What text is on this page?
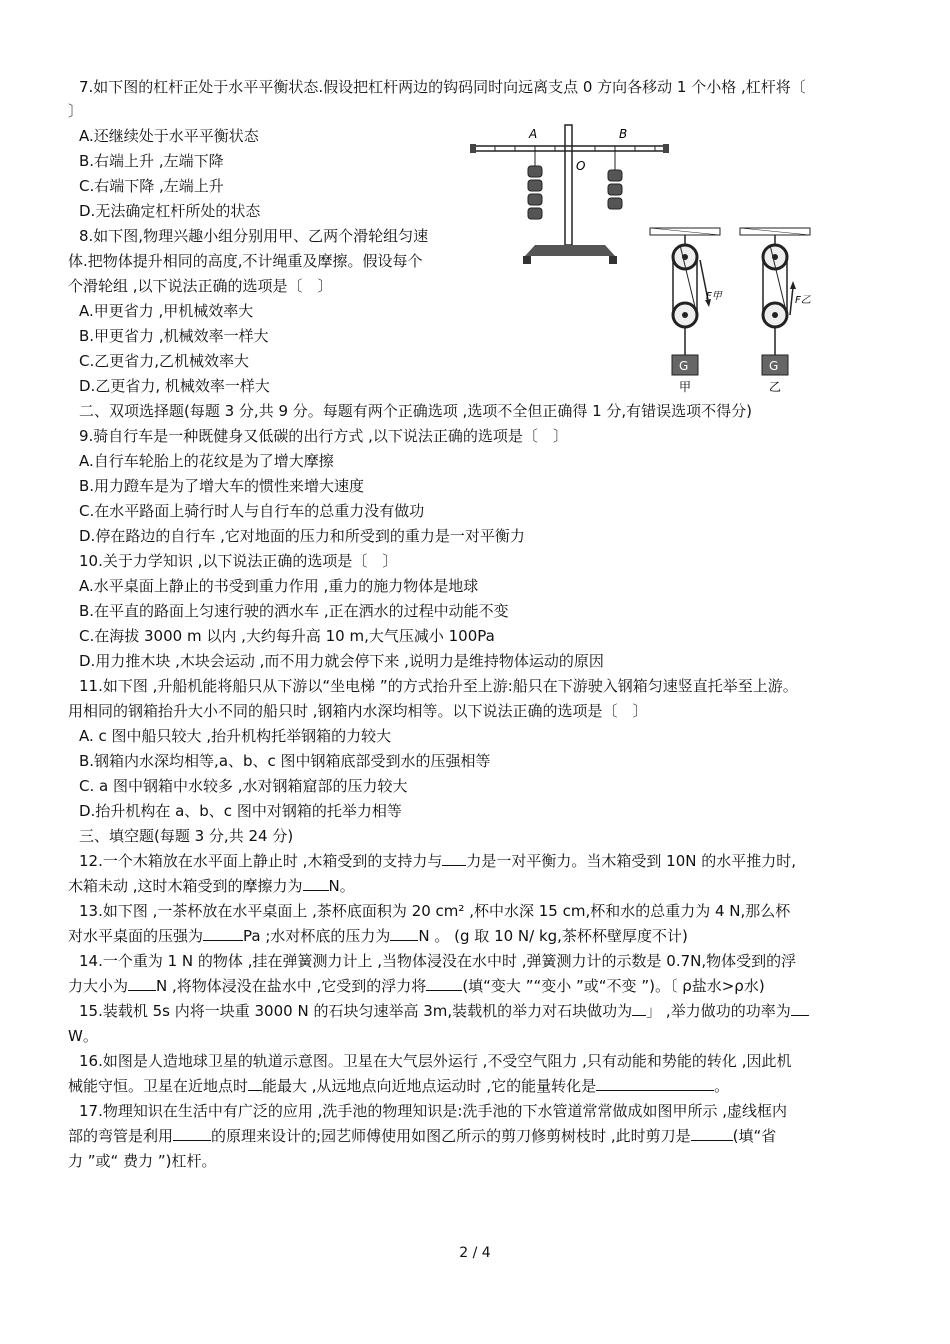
7.如下图的杠杆正处于水平平衡状态.假设把杠杆两边的钩码同时向远离支点 0 方向各移动 1 个小格 ,杠杆将〔
〕
A.还继续处于水平平衡状态
B.右端上升 ,左端下降
C.右端下降 ,左端上升
D.无法确定杠杆所处的状态
8.如下图,物理兴趣小组分别用甲、乙两个滑轮组匀速
体.把物体提升相同的高度,不计绳重及摩擦。假设每个
个滑轮组 ,以下说法正确的选项是〔　〕
A.甲更省力 ,甲机械效率大
B.甲更省力 ,机械效率一样大
C.乙更省力,乙机械效率大
D.乙更省力, 机械效率一样大
A	B
O
G	G
F甲	F乙
甲	乙
二、双项选择题(每题 3 分,共 9 分。每题有两个正确选项 ,选项不全但正确得 1 分,有错误选项不得分)
9.骑自行车是一种既健身又低碳的出行方式 ,以下说法正确的选项是〔　〕
A.自行车轮胎上的花纹是为了增大摩擦
B.用力蹬车是为了增大车的惯性来增大速度
C.在水平路面上骑行时人与自行车的总重力没有做功
D.停在路边的自行车 ,它对地面的压力和所受到的重力是一对平衡力
10.关于力学知识 ,以下说法正确的选项是〔　〕
A.水平桌面上静止的书受到重力作用 ,重力的施力物体是地球
B.在平直的路面上匀速行驶的洒水车 ,正在洒水的过程中动能不变
C.在海拔 3000 m 以内 ,大约每升高 10 m,大气压减小 100Pa
D.用力推木块 ,木块会运动 ,而不用力就会停下来 ,说明力是维持物体运动的原因
11.如下图 ,升船机能将船只从下游以“坐电梯 ”的方式抬升至上游:船只在下游驶入钢箱匀速竖直托举至上游。
用相同的钢箱抬升大小不同的船只时 ,钢箱内水深均相等。以下说法正确的选项是〔　〕
A. c 图中船只较大 ,抬升机构托举钢箱的力较大
B.钢箱内水深均相等,a、b、c 图中钢箱底部受到水的压强相等
C. a 图中钢箱中水较多 ,水对钢箱窟部的压力较大
D.抬升机构在 a、b、c 图中对钢箱的托举力相等
三、填空题(每题 3 分,共 24 分)
12.一个木箱放在水平面上静止时 ,木箱受到的支持力与 力是一对平衡力。当木箱受到 10N 的水平推力时,
木箱未动 ,这时木箱受到的摩擦力为 N。
13.如下图 ,一茶杯放在水平桌面上 ,茶杯底面积为 20 cm² ,杯中水深 15 cm,杯和水的总重力为 4 N,那么杯
对水平桌面的压强为	Pa ;水对杯底的压力为 N 。 (g 取 10 N/ kg,茶杯杯壁厚度不计)
14.一个重为 1 N 的物体 ,挂在弹簧测力计上 ,当物体浸没在水中时 ,弹簧测力计的示数是 0.7N,物体受到的浮
力大小为 N ,将物体浸没在盐水中 ,它受到的浮力将 (填“变大 ”“变小 ”或“不变 ”)。〔 ρ盐水>ρ水)
15.装载机 5s 内将一块重 3000 N 的石块匀速举高 3m,装载机的举力对石块做功为 」 ,举力做功的功率为
W。
16.如图是人造地球卫星的轨道示意图。卫星在大气层外运行 ,不受空气阻力 ,只有动能和势能的转化 ,因此机
械能守恒。卫星在近地点时 能最大 ,从远地点向近地点运动时 ,它的能量转化是	。
17.物理知识在生活中有广泛的应用 ,洗手池的物理知识是:洗手池的下水管道常常做成如图甲所示 ,虚线框内
部的弯管是利用	的原理来设计的;园艺师傅使用如图乙所示的剪刀修剪树枝时 ,此时剪刀是	(填“省
力 ”或“ 费力 ”)杠杆。
2 / 4
